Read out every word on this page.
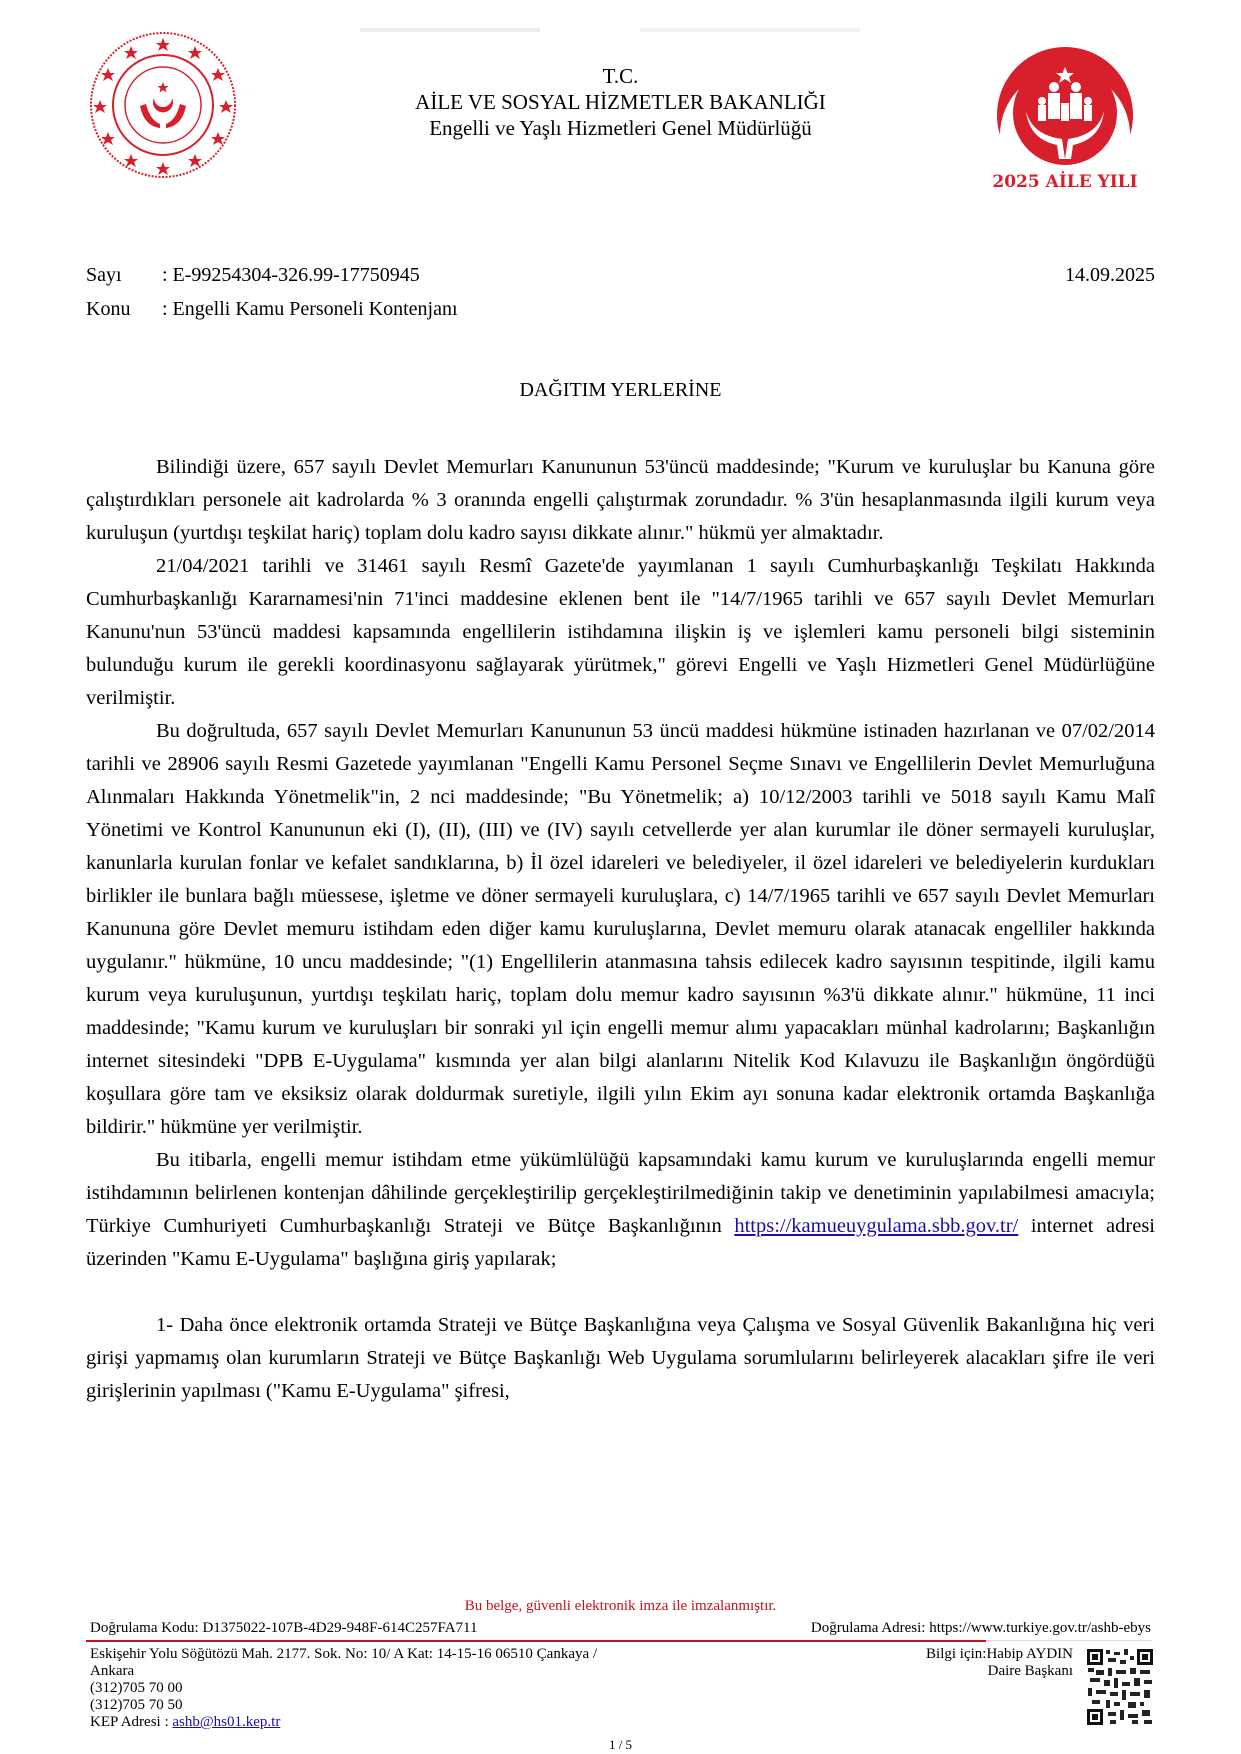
T.C.
AİLE VE SOSYAL HİZMETLER BAKANLIĞI
Engelli ve Yaşlı Hizmetleri Genel Müdürlüğü
2025 AİLE YILI
Sayı : E-99254304-326.99-17750945	14.09.2025
Konu : Engelli Kamu Personeli Kontenjanı
DAĞITIM YERLERİNE

Bilindiği üzere, 657 sayılı Devlet Memurları Kanununun 53'üncü maddesinde; "Kurum ve kuruluşlar bu Kanuna göre çalıştırdıkları personele ait kadrolarda % 3 oranında engelli çalıştırmak zorundadır. % 3'ün hesaplanmasında ilgili kurum veya kuruluşun (yurtdışı teşkilat hariç) toplam dolu kadro sayısı dikkate alınır." hükmü yer almaktadır.

21/04/2021 tarihli ve 31461 sayılı Resmî Gazete'de yayımlanan 1 sayılı Cumhurbaşkanlığı Teşkilatı Hakkında Cumhurbaşkanlığı Kararnamesi'nin 71'inci maddesine eklenen bent ile "14/7/1965 tarihli ve 657 sayılı Devlet Memurları Kanunu'nun 53'üncü maddesi kapsamında engellilerin istihdamına ilişkin iş ve işlemleri kamu personeli bilgi sisteminin bulunduğu kurum ile gerekli koordinasyonu sağlayarak yürütmek," görevi Engelli ve Yaşlı Hizmetleri Genel Müdürlüğüne verilmiştir.

Bu doğrultuda, 657 sayılı Devlet Memurları Kanununun 53 üncü maddesi hükmüne istinaden hazırlanan ve 07/02/2014 tarihli ve 28906 sayılı Resmi Gazetede yayımlanan "Engelli Kamu Personel Seçme Sınavı ve Engellilerin Devlet Memurluğuna Alınmaları Hakkında Yönetmelik"in, 2 nci maddesinde; "Bu Yönetmelik; a) 10/12/2003 tarihli ve 5018 sayılı Kamu Malî Yönetimi ve Kontrol Kanununun eki (I), (II), (III) ve (IV) sayılı cetvellerde yer alan kurumlar ile döner sermayeli kuruluşlar, kanunlarla kurulan fonlar ve kefalet sandıklarına, b) İl özel idareleri ve belediyeler, il özel idareleri ve belediyelerin kurdukları birlikler ile bunlara bağlı müessese, işletme ve döner sermayeli kuruluşlara, c) 14/7/1965 tarihli ve 657 sayılı Devlet Memurları Kanununa göre Devlet memuru istihdam eden diğer kamu kuruluşlarına, Devlet memuru olarak atanacak engelliler hakkında uygulanır." hükmüne, 10 uncu maddesinde; "(1) Engellilerin atanmasına tahsis edilecek kadro sayısının tespitinde, ilgili kamu kurum veya kuruluşunun, yurtdışı teşkilatı hariç, toplam dolu memur kadro sayısının %3'ü dikkate alınır." hükmüne, 11 inci maddesinde; "Kamu kurum ve kuruluşları bir sonraki yıl için engelli memur alımı yapacakları münhal kadrolarını; Başkanlığın internet sitesindeki "DPB E-Uygulama" kısmında yer alan bilgi alanlarını Nitelik Kod Kılavuzu ile Başkanlığın öngördüğü koşullara göre tam ve eksiksiz olarak doldurmak suretiyle, ilgili yılın Ekim ayı sonuna kadar elektronik ortamda Başkanlığa bildirir." hükmüne yer verilmiştir.

Bu itibarla, engelli memur istihdam etme yükümlülüğü kapsamındaki kamu kurum ve kuruluşlarında engelli memur istihdamının belirlenen kontenjan dâhilinde gerçekleştirilip gerçekleştirilmediğinin takip ve denetiminin yapılabilmesi amacıyla; Türkiye Cumhuriyeti Cumhurbaşkanlığı Strateji ve Bütçe Başkanlığının https://kamueuygulama.sbb.gov.tr/ internet adresi üzerinden "Kamu E-Uygulama" başlığına giriş yapılarak;

1- Daha önce elektronik ortamda Strateji ve Bütçe Başkanlığına veya Çalışma ve Sosyal Güvenlik Bakanlığına hiç veri girişi yapmamış olan kurumların Strateji ve Bütçe Başkanlığı Web Uygulama sorumlularını belirleyerek alacakları şifre ile veri girişlerinin yapılması ("Kamu E-Uygulama" şifresi,

Bu belge, güvenli elektronik imza ile imzalanmıştır.
Doğrulama Kodu: D1375022-107B-4D29-948F-614C257FA711	Doğrulama Adresi: https://www.turkiye.gov.tr/ashb-ebys
Eskişehir Yolu Söğütözü Mah. 2177. Sok. No: 10/ A Kat: 14-15-16 06510 Çankaya /
Ankara
(312)705 70 00
(312)705 70 50
KEP Adresi : ashb@hs01.kep.tr
Bilgi için:Habip AYDIN
Daire Başkanı
1 / 5
